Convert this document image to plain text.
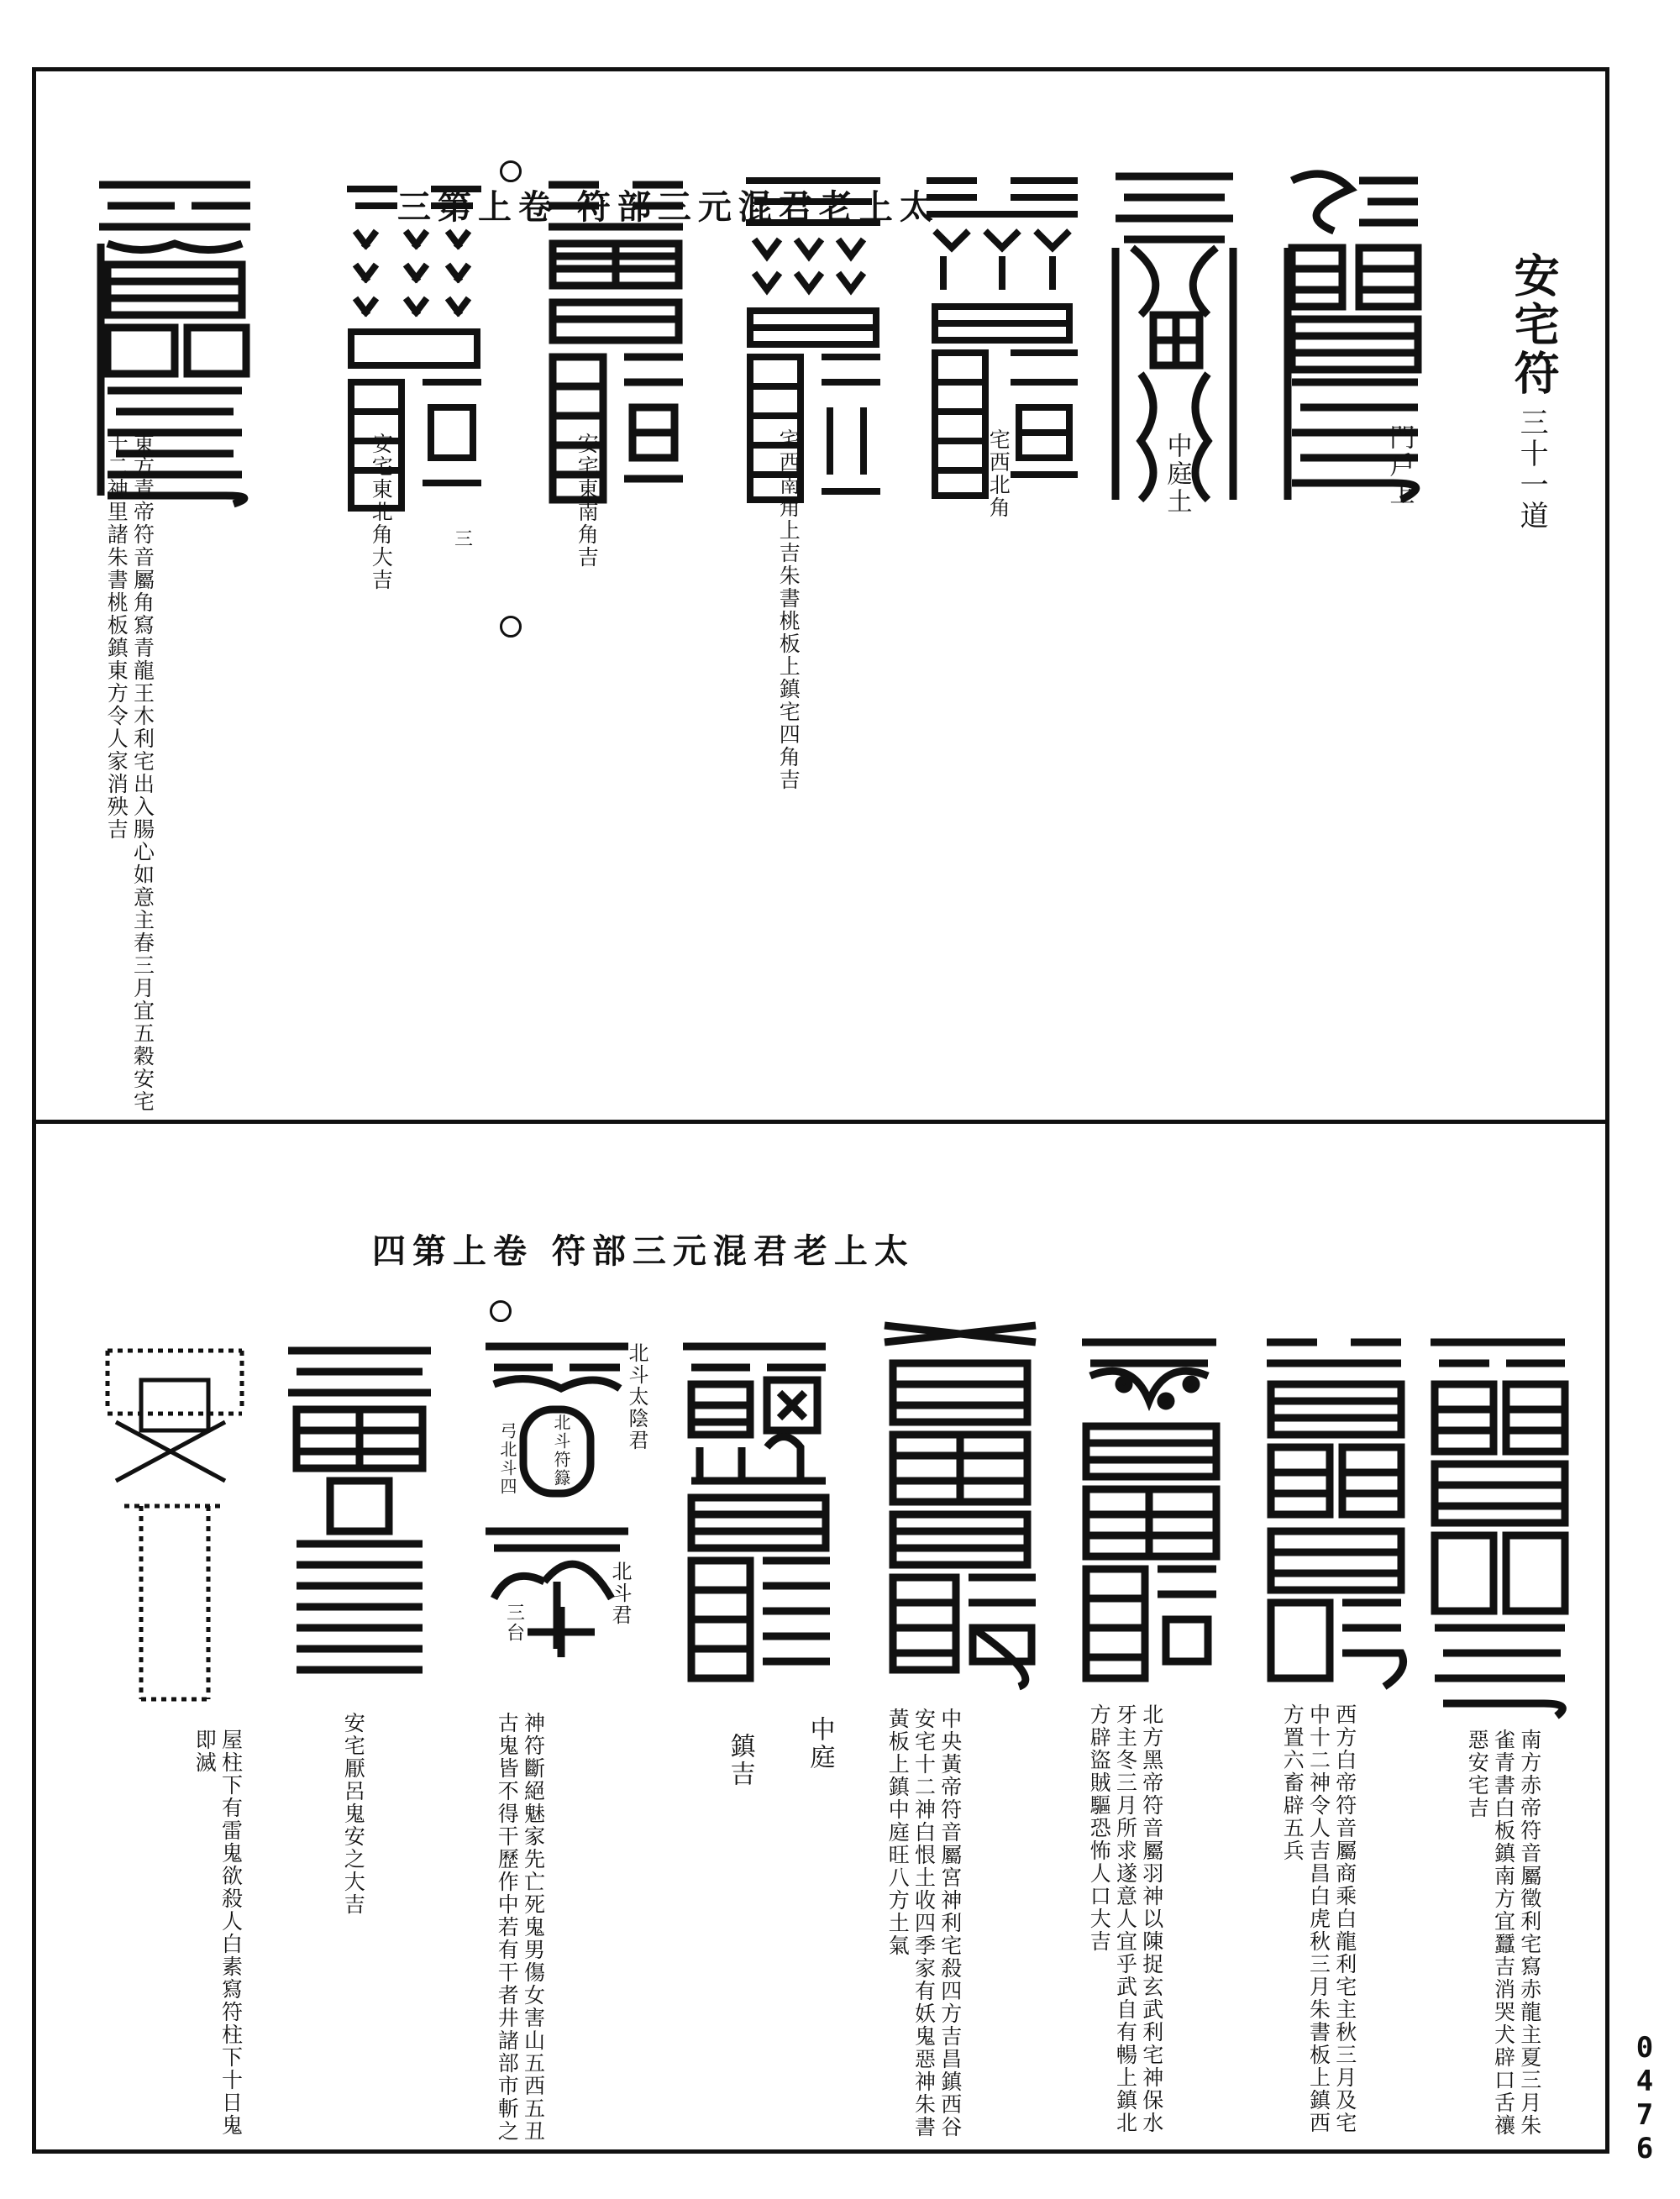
太上老君混元三部符 卷上第三
安宅符
三十一道
三
門戶上
中庭土
宅西北角
宅西南角上吉朱書桃板上鎮宅四角吉
安宅東南角吉
安宅東北角大吉
東方青帝符音屬角寫青龍王木利宅出入腸心如意主春三月宜五穀安宅十二神里諸朱書桃板鎮東方令人家消殃吉
太上老君混元三部符 卷上第四
南方赤帝符音屬徵利宅寫赤龍主夏三月朱雀青書白板鎮南方宜蠶吉消哭犬辟口舌禳惡安宅吉
西方白帝符音屬商乘白龍利宅主秋三月及宅中十二神令人吉昌白虎秋三月朱書板上鎮西方置六畜辟五兵
北方黑帝符音屬羽神以陳捉玄武利宅神保水牙主冬三月所求遂意人宜乎武自有暢上鎮北方辟盜賊驅恐怖人口大吉
中央黃帝符音屬宮神利宅殺四方吉昌鎮西谷安宅十二神白恨土收四季家有妖鬼惡神朱書黃板上鎮中庭旺八方土氣
中庭
鎮吉
北斗太陰君
北斗符籙
弓北斗四
北斗君
三台
神符斷絕魅家先亡死鬼男傷女害山五西五丑古鬼皆不得干歷作中若有干者井諸部市斬之
安宅厭呂鬼安之大吉
屋柱下有雷鬼欲殺人白素寫符柱下十日鬼即滅
0476
